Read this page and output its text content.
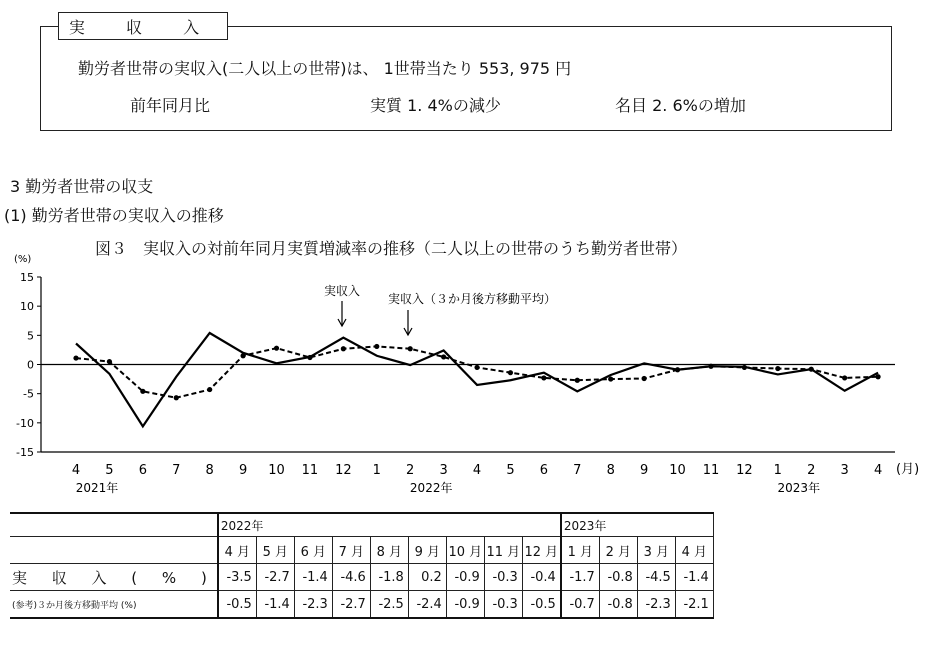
実 収 入
勤労者世帯の実収入(二人以上の世帯)は、 1世帯当たり 553, 975 円
前年同月比	実質 1. 4%の減少	名目 2. 6%の増加
3 勤労者世帯の収支
(1) 勤労者世帯の実収入の推移
図３　実収入の対前年同月実質増減率の推移（二人以上の世帯のうち勤労者世帯）
(%)
(月)
15
10
5
0
-5
-10
-15
4 5 6 7 8 9 10 11 12 1 2 3 4 5 6 7 8 9 10 11 12 1 2 3 4
2021年	2022年	2023年
実収入
実収入（３か月後方移動平均）
	2022年									2023年			
	4 月	5 月	6 月	7 月	8 月	9 月	10 月	11 月	12 月	1 月	2 月	3 月	4 月
実 収 入 ( % )	-3.5	-2.7	-1.4	-4.6	-1.8	0.2	-0.9	-0.3	-0.4	-1.7	-0.8	-4.5	-1.4
(参考)３か月後方移動平均 (%)	-0.5	-1.4	-2.3	-2.7	-2.5	-2.4	-0.9	-0.3	-0.5	-0.7	-0.8	-2.3	-2.1
